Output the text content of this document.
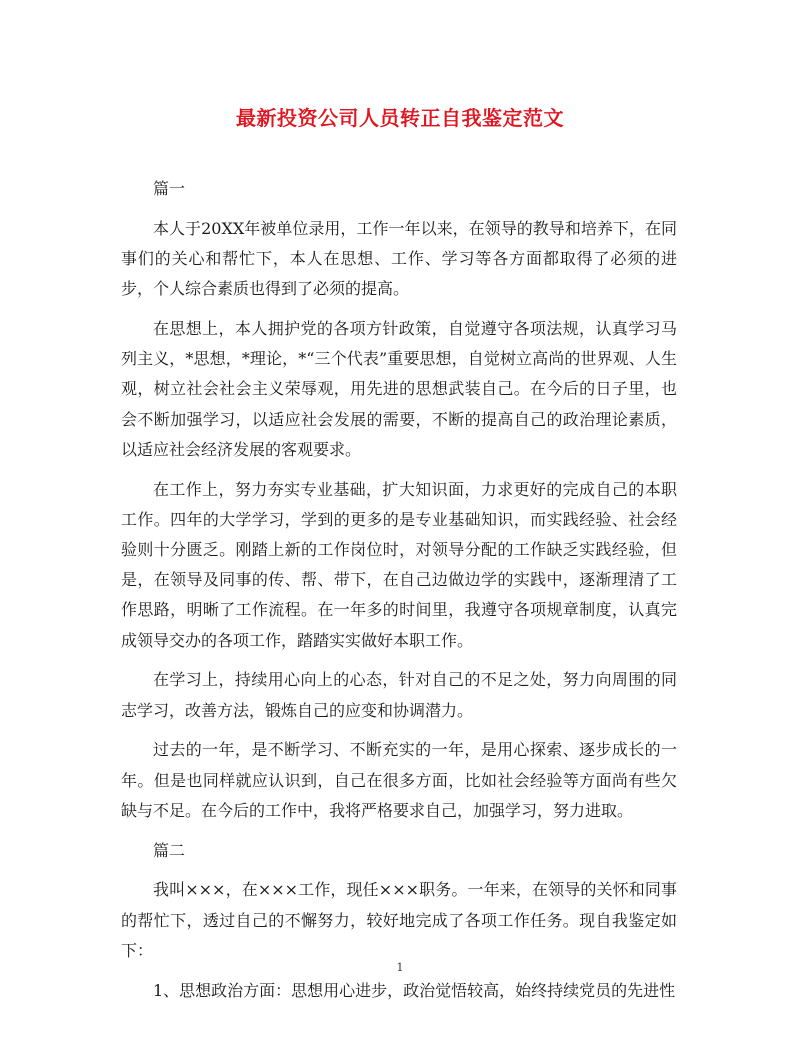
最新投资公司人员转正自我鉴定范文

篇一

本人于20XX年被单位录用，工作一年以来，在领导的教导和培养下，在同事们的关心和帮忙下，本人在思想、工作、学习等各方面都取得了必须的进步，个人综合素质也得到了必须的提高。

在思想上，本人拥护党的各项方针政策，自觉遵守各项法规，认真学习马列主义，*思想，*理论，*“三个代表”重要思想，自觉树立高尚的世界观、人生观，树立社会社会主义荣辱观，用先进的思想武装自己。在今后的日子里，也会不断加强学习，以适应社会发展的需要，不断的提高自己的政治理论素质，以适应社会经济发展的客观要求。

在工作上，努力夯实专业基础，扩大知识面，力求更好的完成自己的本职工作。四年的大学学习，学到的更多的是专业基础知识，而实践经验、社会经验则十分匮乏。刚踏上新的工作岗位时，对领导分配的工作缺乏实践经验，但是，在领导及同事的传、帮、带下，在自己边做边学的实践中，逐渐理清了工作思路，明晰了工作流程。在一年多的时间里，我遵守各项规章制度，认真完成领导交办的各项工作，踏踏实实做好本职工作。

在学习上，持续用心向上的心态，针对自己的不足之处，努力向周围的同志学习，改善方法，锻炼自己的应变和协调潜力。

过去的一年，是不断学习、不断充实的一年，是用心探索、逐步成长的一年。但是也同样就应认识到，自己在很多方面，比如社会经验等方面尚有些欠缺与不足。在今后的工作中，我将严格要求自己，加强学习，努力进取。

篇二

我叫×××，在×××工作，现任×××职务。一年来，在领导的关怀和同事的帮忙下，透过自己的不懈努力，较好地完成了各项工作任务。现自我鉴定如下：

1、思想政治方面：思想用心进步，政治觉悟较高，始终持续党员的先进性

1
